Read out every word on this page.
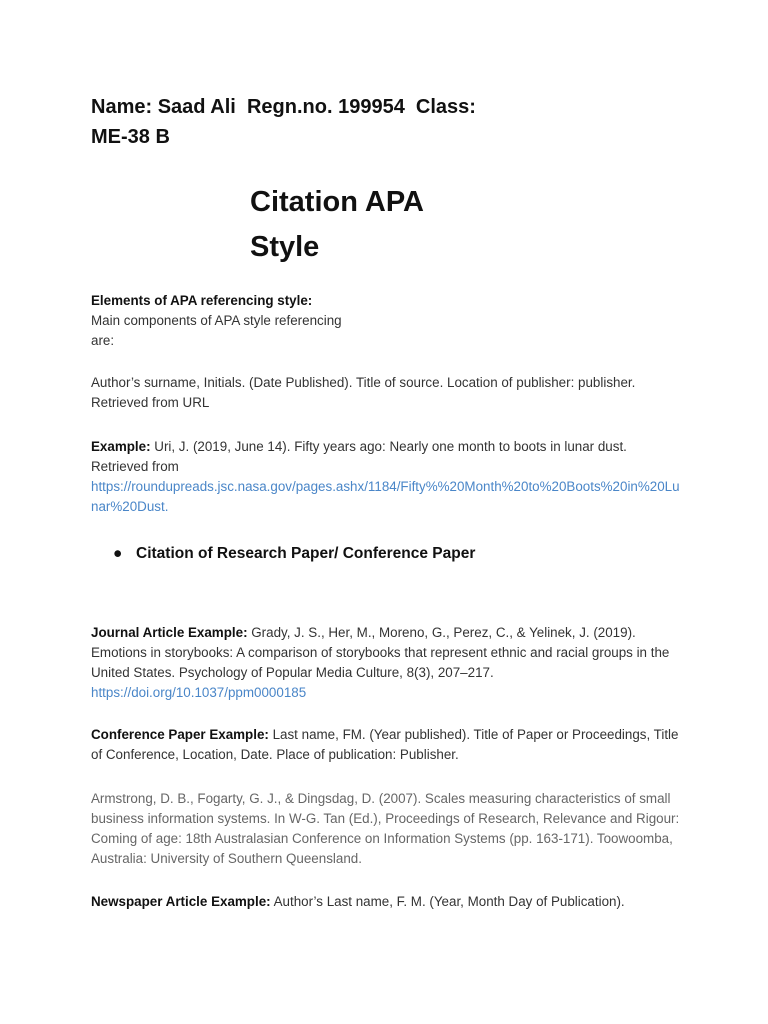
Name: Saad Ali  Regn.no. 199954  Class:
ME-38 B
Citation APA
Style
Elements of APA referencing style:
Main components of APA style referencing are:
Author’s surname, Initials. (Date Published). Title of source. Location of publisher: publisher. Retrieved from URL
Example: Uri, J. (2019, June 14). Fifty years ago: Nearly one month to boots in lunar dust. Retrieved from
https://roundupreads.jsc.nasa.gov/pages.ashx/1184/Fifty%%20Month%20to%20Boots%20in%20Lunar%20Dust.
● Citation of Research Paper/ Conference Paper
Journal Article Example: Grady, J. S., Her, M., Moreno, G., Perez, C., & Yelinek, J. (2019). Emotions in storybooks: A comparison of storybooks that represent ethnic and racial groups in the United States. Psychology of Popular Media Culture, 8(3), 207–217.
https://doi.org/10.1037/ppm0000185
Conference Paper Example: Last name, FM. (Year published). Title of Paper or Proceedings, Title of Conference, Location, Date. Place of publication: Publisher.
Armstrong, D. B., Fogarty, G. J., & Dingsdag, D. (2007). Scales measuring characteristics of small business information systems. In W-G. Tan (Ed.), Proceedings of Research, Relevance and Rigour: Coming of age: 18th Australasian Conference on Information Systems (pp. 163-171). Toowoomba, Australia: University of Southern Queensland.
Newspaper Article Example: Author’s Last name, F. M. (Year, Month Day of Publication).
